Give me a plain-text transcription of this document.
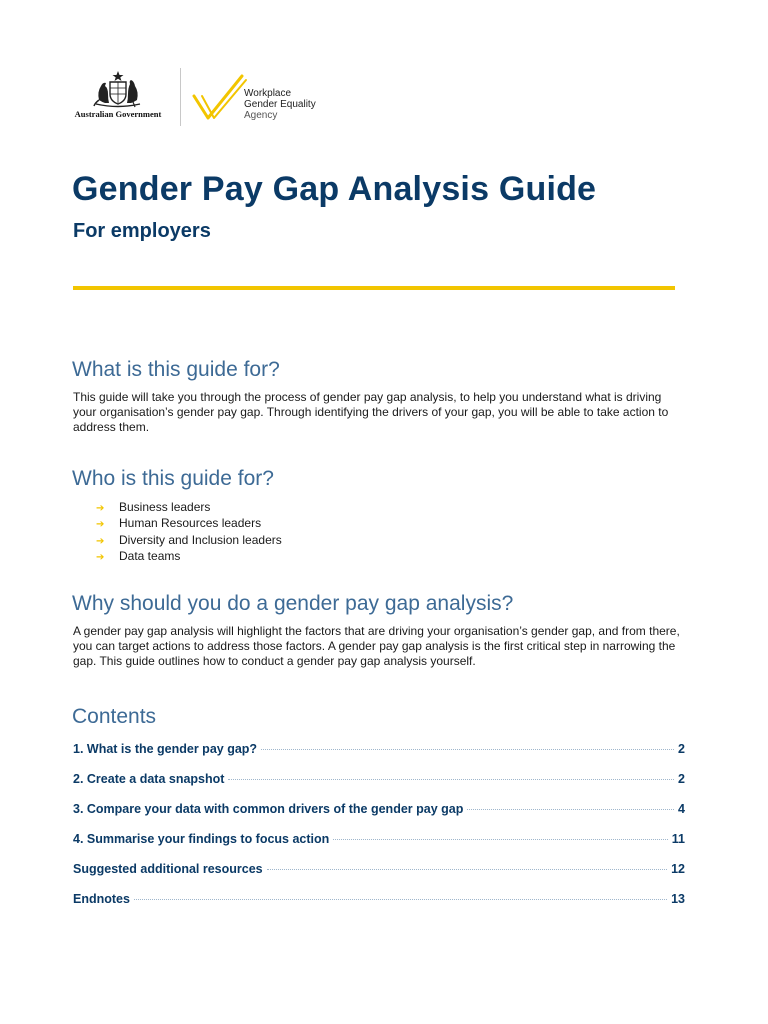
Australian Government
Workplace
Gender Equality
Agency
Gender Pay Gap Analysis Guide
For employers
What is this guide for?

This guide will take you through the process of gender pay gap analysis, to help you understand what is driving your organisation’s gender pay gap. Through identifying the drivers of your gap, you will be able to take action to address them.

Who is this guide for?
➔ Business leaders
➔ Human Resources leaders
➔ Diversity and Inclusion leaders
➔ Data teams
Why should you do a gender pay gap analysis?

A gender pay gap analysis will highlight the factors that are driving your organisation’s gender gap, and from there, you can target actions to address those factors. A gender pay gap analysis is the first critical step in narrowing the gap. This guide outlines how to conduct a gender pay gap analysis yourself.

Contents
1. What is the gender pay gap?	2
2. Create a data snapshot	2
3. Compare your data with common drivers of the gender pay gap	4
4. Summarise your findings to focus action	11
Suggested additional resources	12
Endnotes	13
